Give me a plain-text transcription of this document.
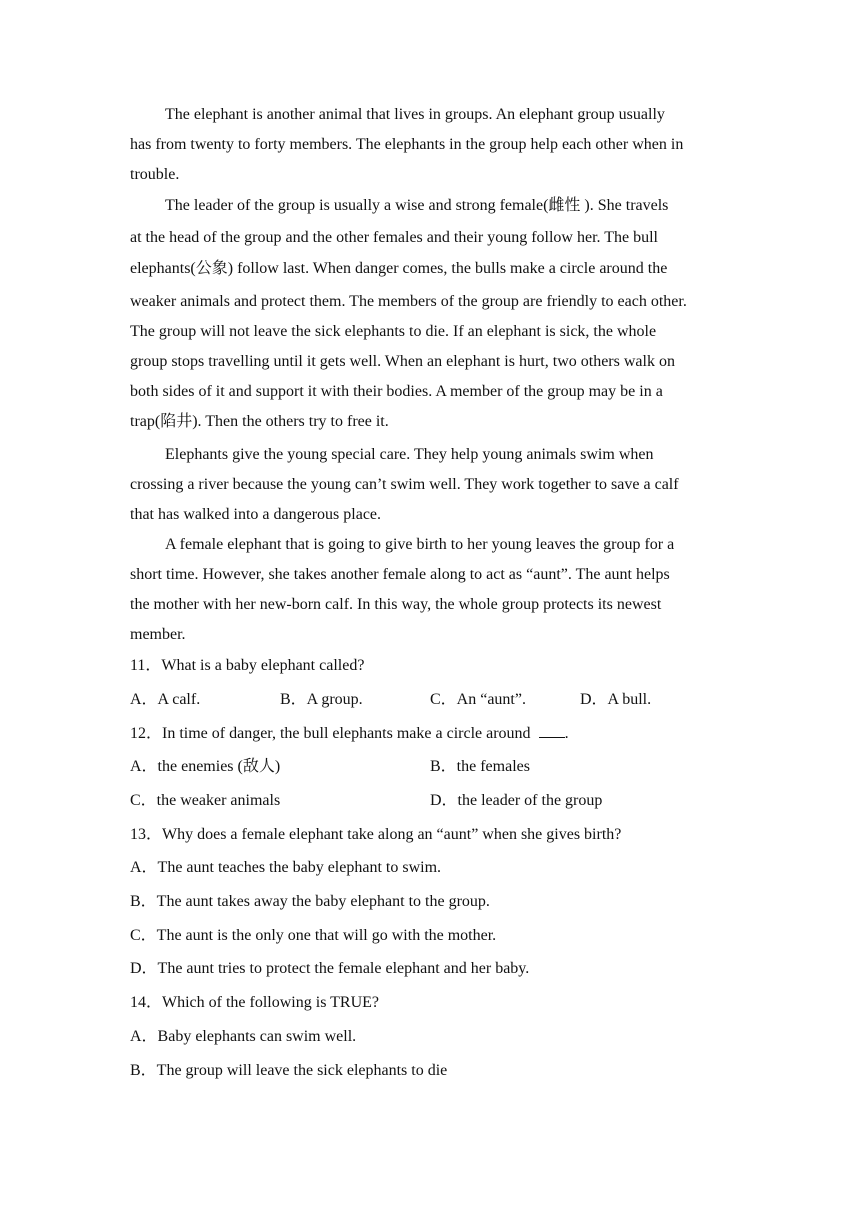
The elephant is another animal that lives in groups. An elephant group usually
has from twenty to forty members. The elephants in the group help each other when in
trouble.
The leader of the group is usually a wise and strong female(雌性 ). She travels
at the head of the group and the other females and their young follow her. The bull
elephants(公象) follow last. When danger comes, the bulls make a circle around the
weaker animals and protect them. The members of the group are friendly to each other.
The group will not leave the sick elephants to die. If an elephant is sick, the whole
group stops travelling until it gets well. When an elephant is hurt, two others walk on
both sides of it and support it with their bodies. A member of the group may be in a
trap(陷井). Then the others try to free it.
Elephants give the young special care. They help young animals swim when
crossing a river because the young can’t swim well. They work together to save a calf
that has walked into a dangerous place.
A female elephant that is going to give birth to her young leaves the group for a
short time. However, she takes another female along to act as “aunt”. The aunt helps
the mother with her new-born calf. In this way, the whole group protects its newest
member.
11．What is a baby elephant called?
A．A calf.	B．A group.	C．An “aunt”.	D．A bull.
12．In time of danger, the bull elephants make a circle around .
A．the enemies (敌人)	B．the females
C．the weaker animals	D．the leader of the group
13．Why does a female elephant take along an “aunt” when she gives birth?
A．The aunt teaches the baby elephant to swim.
B．The aunt takes away the baby elephant to the group.
C．The aunt is the only one that will go with the mother.
D．The aunt tries to protect the female elephant and her baby.
14．Which of the following is TRUE?
A．Baby elephants can swim well.
B．The group will leave the sick elephants to die
